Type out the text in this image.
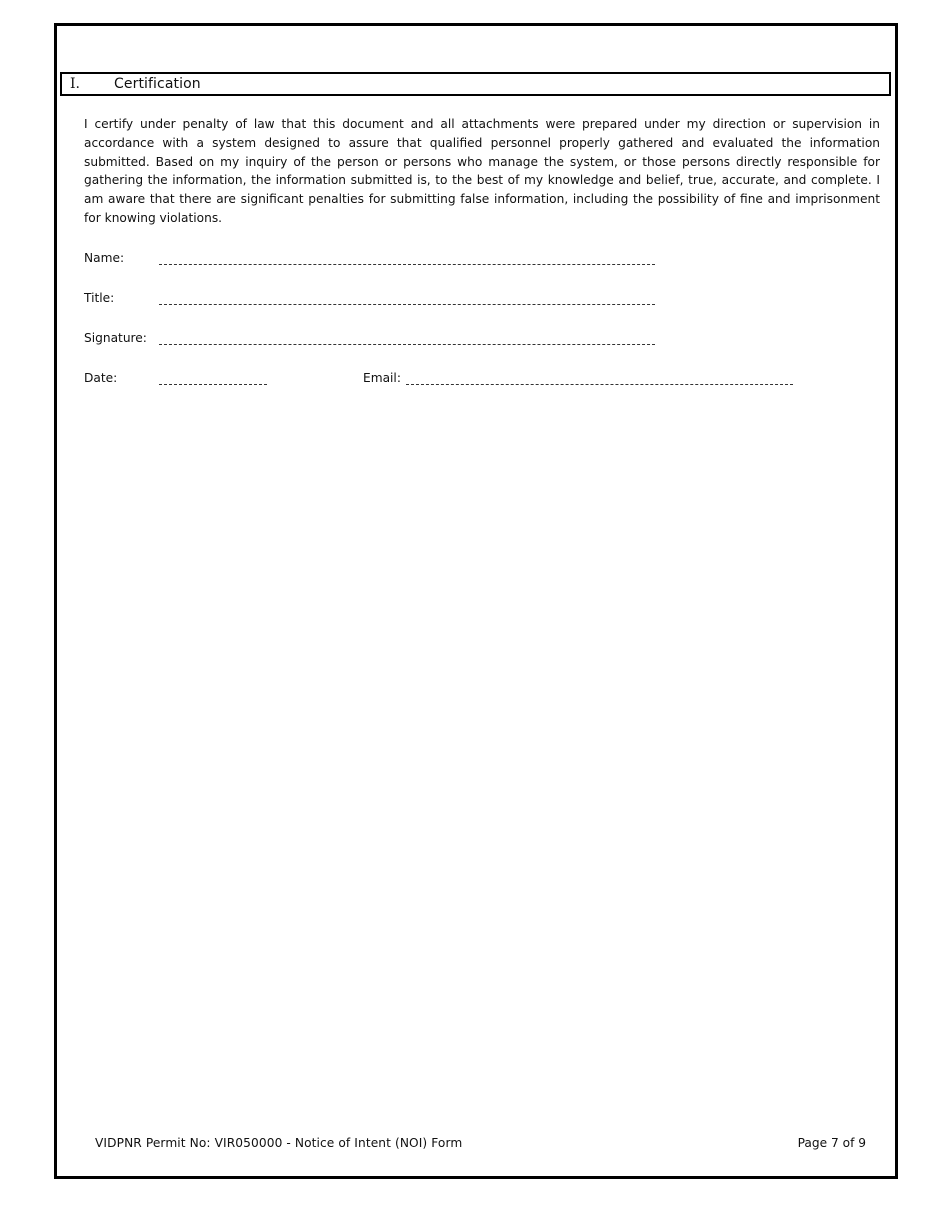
I.	Certification

I certify under penalty of law that this document and all attachments were prepared under my direction or supervision in accordance with a system designed to assure that qualified personnel properly gathered and evaluated the information submitted. Based on my inquiry of the person or persons who manage the system, or those persons directly responsible for gathering the information, the information submitted is, to the best of my knowledge and belief, true, accurate, and complete. I am aware that there are significant penalties for submitting false information, including the possibility of fine and imprisonment for knowing violations.

Name:
Title:
Signature:
Date:	Email:
VIDPNR Permit No: VIR050000 - Notice of Intent (NOI) Form	Page 7 of 9
